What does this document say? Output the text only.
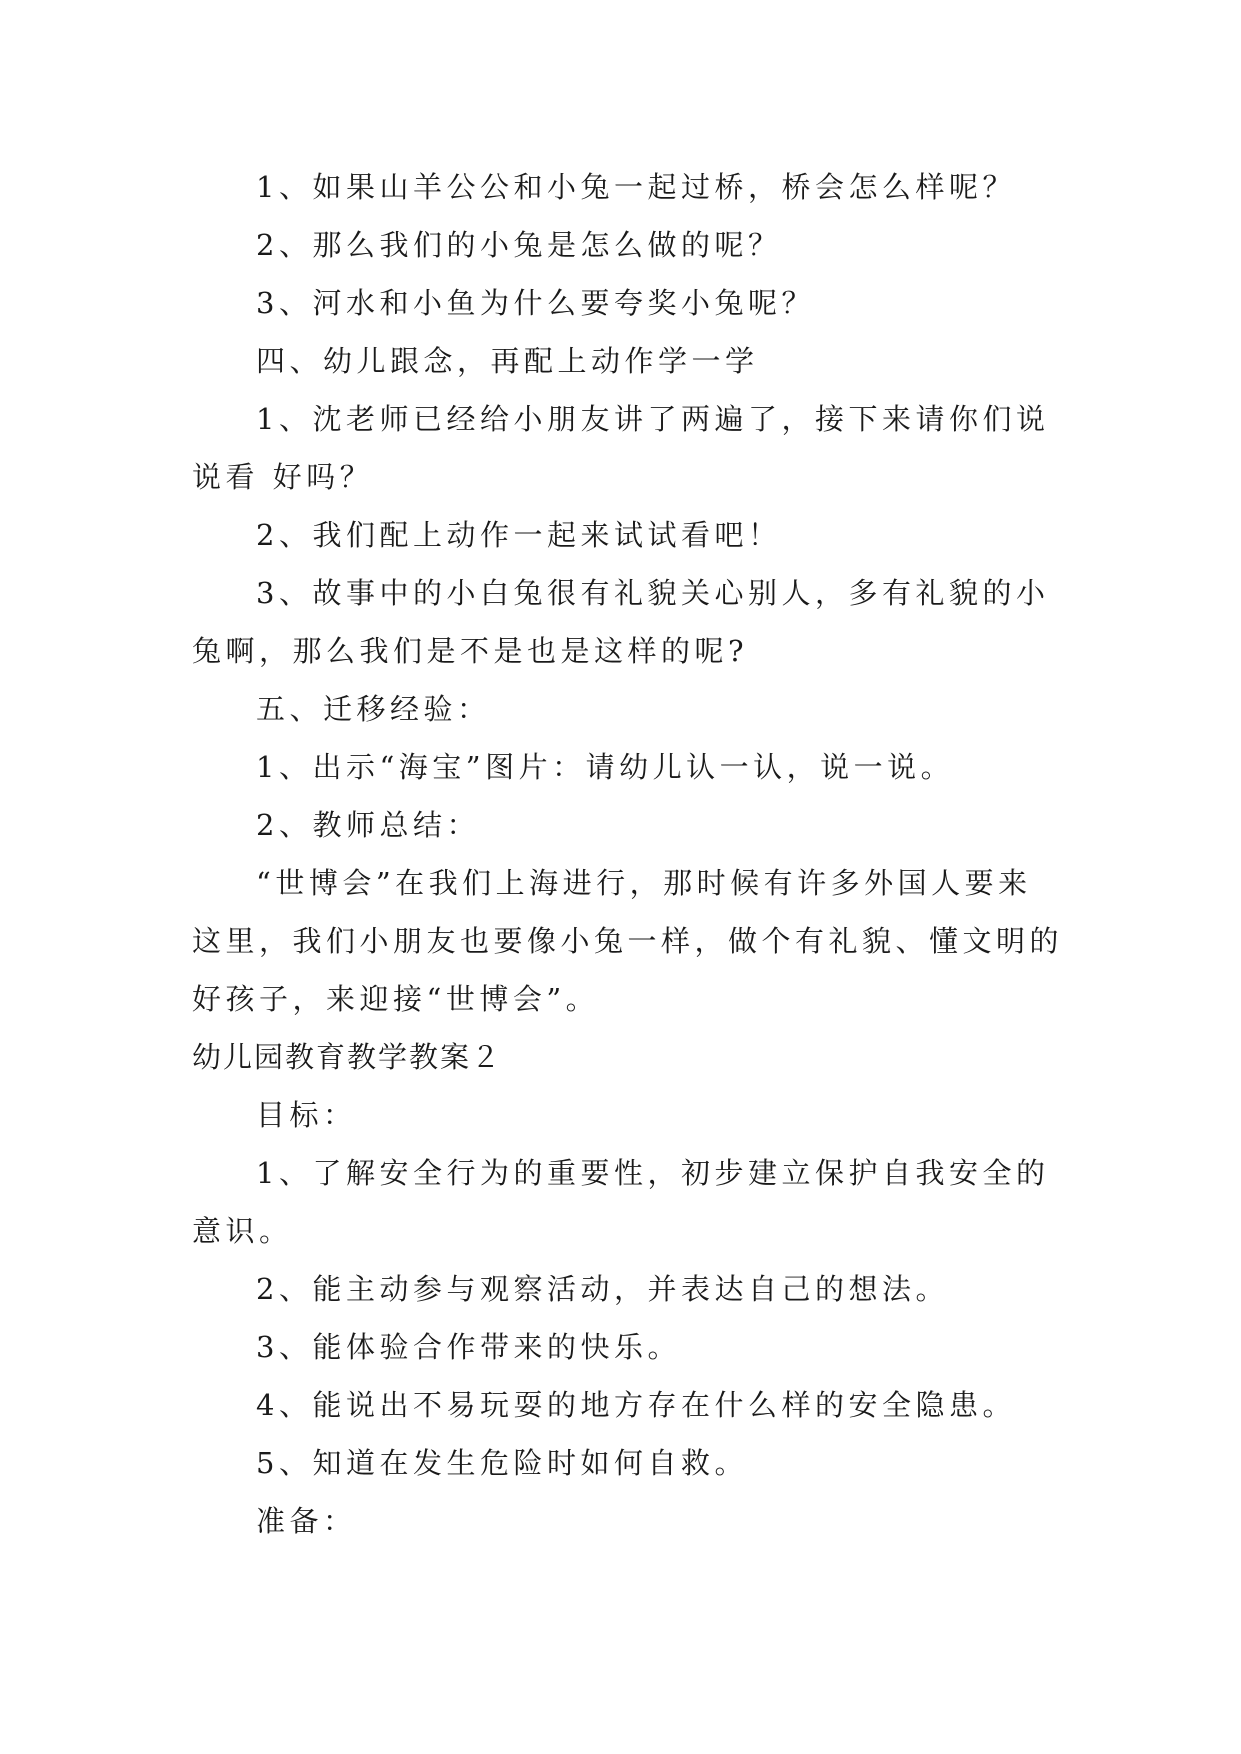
1、如果山羊公公和小兔一起过桥，桥会怎么样呢？
2、那么我们的小兔是怎么做的呢？
3、河水和小鱼为什么要夸奖小兔呢？
四、幼儿跟念，再配上动作学一学
1、沈老师已经给小朋友讲了两遍了，接下来请你们说
说看 好吗？
2、我们配上动作一起来试试看吧！
3、故事中的小白兔很有礼貌关心别人，多有礼貌的小
兔啊，那么我们是不是也是这样的呢?
五、迁移经验：
1、出示“海宝”图片：请幼儿认一认，说一说。
2、教师总结：
“世博会”在我们上海进行，那时候有许多外国人要来
这里，我们小朋友也要像小兔一样，做个有礼貌、懂文明的
好孩子，来迎接“世博会”。
幼儿园教育教学教案２
目标：
1、了解安全行为的重要性，初步建立保护自我安全的
意识。
2、能主动参与观察活动，并表达自己的想法。
3、能体验合作带来的快乐。
4、能说出不易玩耍的地方存在什么样的安全隐患。
5、知道在发生危险时如何自救。
准备：
